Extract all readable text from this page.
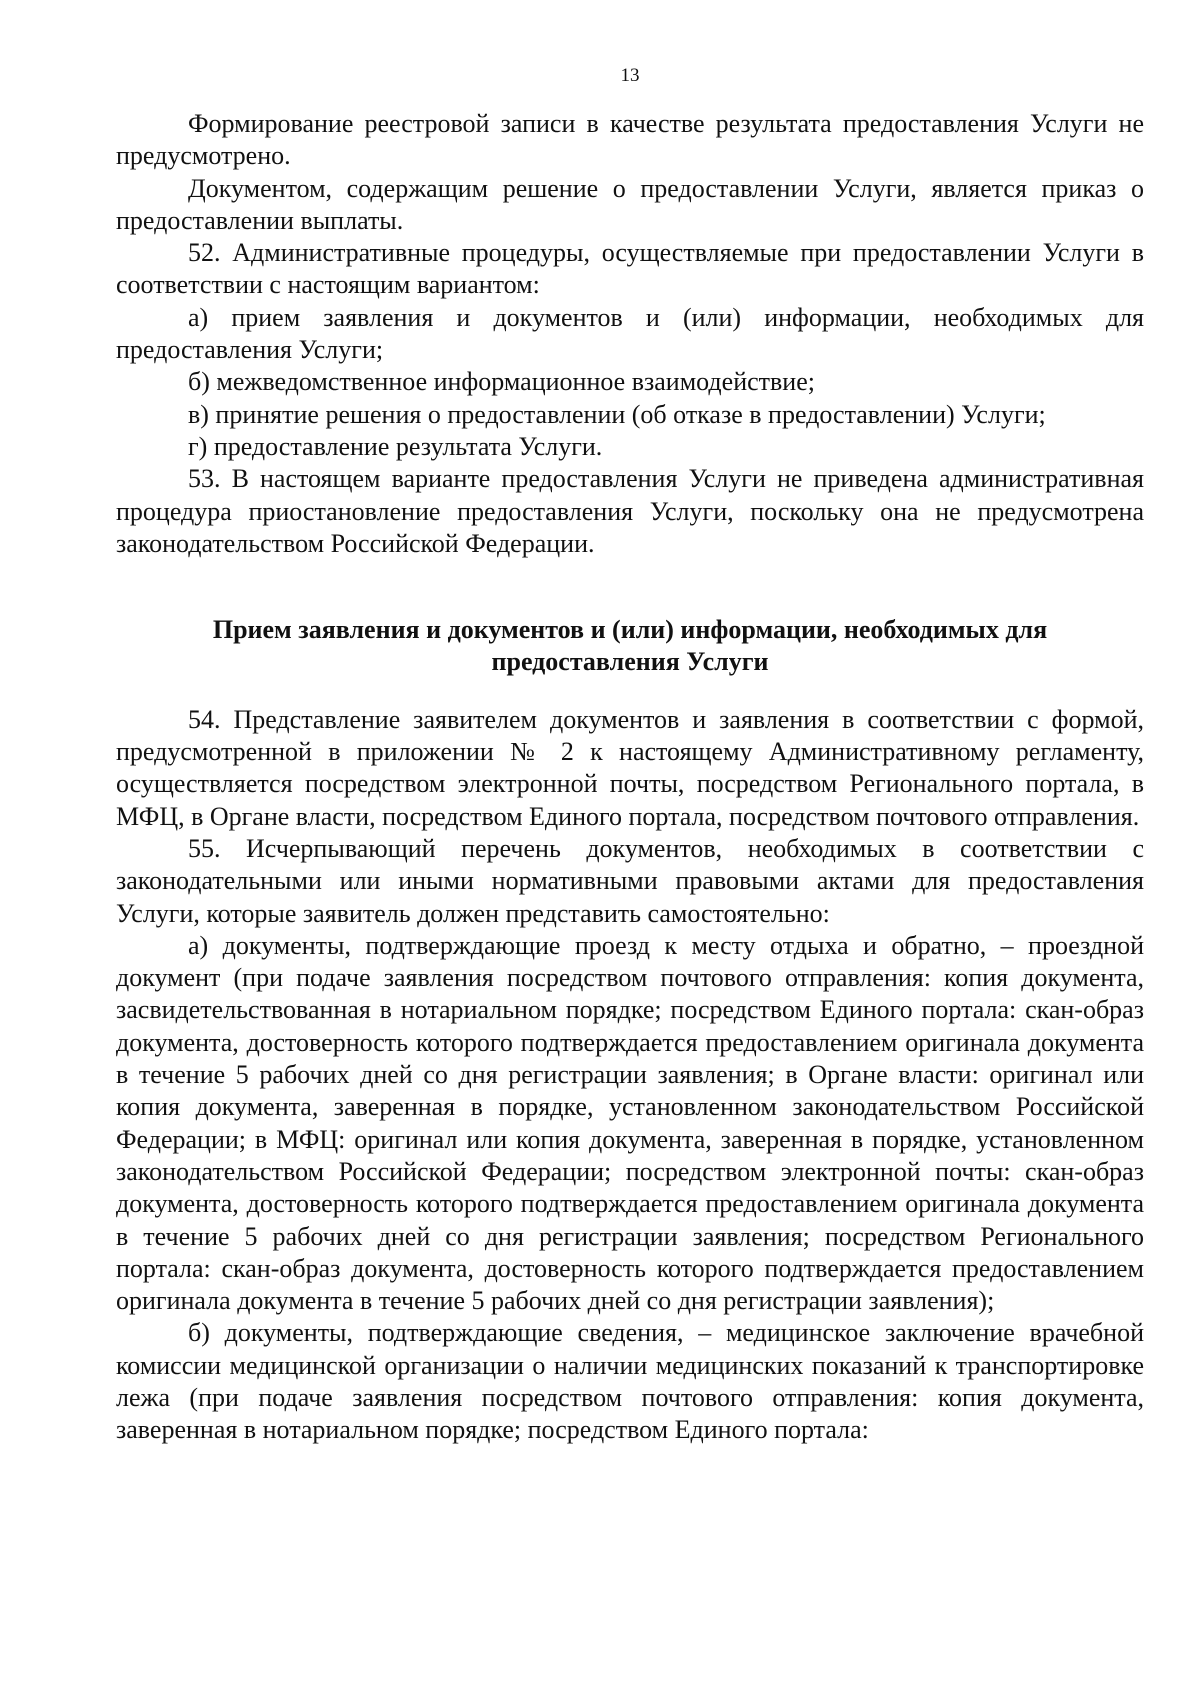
13

Формирование реестровой записи в качестве результата предоставления Услуги не предусмотрено.

Документом, содержащим решение о предоставлении Услуги, является приказ о предоставлении выплаты.

52. Административные процедуры, осуществляемые при предоставлении Услуги в соответствии с настоящим вариантом:

а) прием заявления и документов и (или) информации, необходимых для предоставления Услуги;

б) межведомственное информационное взаимодействие;

в) принятие решения о предоставлении (об отказе в предоставлении) Услуги;

г) предоставление результата Услуги.

53. В настоящем варианте предоставления Услуги не приведена административная процедура приостановление предоставления Услуги, поскольку она не предусмотрена законодательством Российской Федерации.

Прием заявления и документов и (или) информации, необходимых для предоставления Услуги

54. Представление заявителем документов и заявления в соответствии с формой, предусмотренной в приложении № 2 к настоящему Административному регламенту, осуществляется посредством электронной почты, посредством Регионального портала, в МФЦ, в Органе власти, посредством Единого портала, посредством почтового отправления.

55. Исчерпывающий перечень документов, необходимых в соответствии с законодательными или иными нормативными правовыми актами для предоставления Услуги, которые заявитель должен представить самостоятельно:

а) документы, подтверждающие проезд к месту отдыха и обратно, – проездной документ (при подаче заявления посредством почтового отправления: копия документа, засвидетельствованная в нотариальном порядке; посредством Единого портала: скан-образ документа, достоверность которого подтверждается предоставлением оригинала документа в течение 5 рабочих дней со дня регистрации заявления; в Органе власти: оригинал или копия документа, заверенная в порядке, установленном законодательством Российской Федерации; в МФЦ: оригинал или копия документа, заверенная в порядке, установленном законодательством Российской Федерации; посредством электронной почты: скан-образ документа, достоверность которого подтверждается предоставлением оригинала документа в течение 5 рабочих дней со дня регистрации заявления; посредством Регионального портала: скан-образ документа, достоверность которого подтверждается предоставлением оригинала документа в течение 5 рабочих дней со дня регистрации заявления);

б) документы, подтверждающие сведения, – медицинское заключение врачебной комиссии медицинской организации о наличии медицинских показаний к транспортировке лежа (при подаче заявления посредством почтового отправления: копия документа, заверенная в нотариальном порядке; посредством Единого портала:
